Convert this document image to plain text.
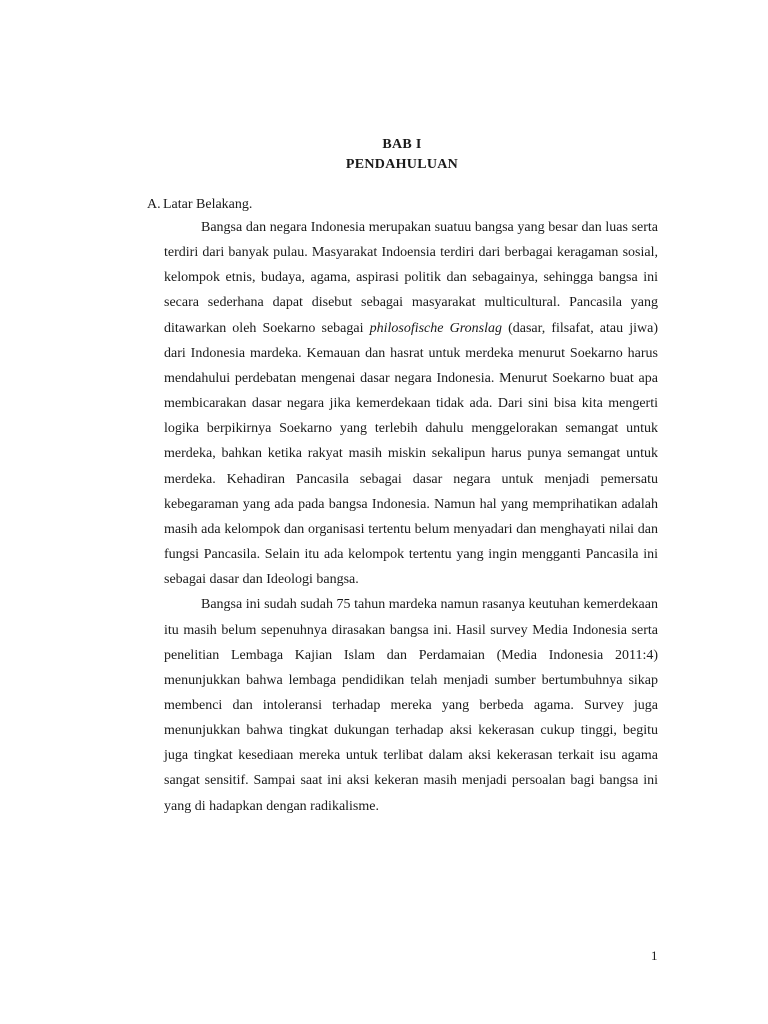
BAB I
PENDAHULUAN
A. Latar Belakang.

Bangsa dan negara Indonesia merupakan suatuu bangsa yang besar dan luas serta terdiri dari banyak pulau. Masyarakat Indoensia terdiri dari berbagai keragaman sosial, kelompok etnis, budaya, agama, aspirasi politik dan sebagainya, sehingga bangsa ini secara sederhana dapat disebut sebagai masyarakat multicultural. Pancasila yang ditawarkan oleh Soekarno sebagai philosofische Gronslag (dasar, filsafat, atau jiwa) dari Indonesia mardeka. Kemauan dan hasrat untuk merdeka menurut Soekarno harus mendahului perdebatan mengenai dasar negara Indonesia. Menurut Soekarno buat apa membicarakan dasar negara jika kemerdekaan tidak ada. Dari sini bisa kita mengerti logika berpikirnya Soekarno yang terlebih dahulu menggelorakan semangat untuk merdeka, bahkan ketika rakyat masih miskin sekalipun harus punya semangat untuk merdeka. Kehadiran Pancasila sebagai dasar negara untuk menjadi pemersatu kebegaraman yang ada pada bangsa Indonesia. Namun hal yang memprihatikan adalah masih ada kelompok dan organisasi tertentu belum menyadari dan menghayati nilai dan fungsi Pancasila. Selain itu ada kelompok tertentu yang ingin mengganti Pancasila ini sebagai dasar dan Ideologi bangsa.

Bangsa ini sudah sudah 75 tahun mardeka namun rasanya keutuhan kemerdekaan itu masih belum sepenuhnya dirasakan bangsa ini. Hasil survey Media Indonesia serta penelitian Lembaga Kajian Islam dan Perdamaian (Media Indonesia 2011:4) menunjukkan bahwa lembaga pendidikan telah menjadi sumber bertumbuhnya sikap membenci dan intoleransi terhadap mereka yang berbeda agama. Survey juga menunjukkan bahwa tingkat dukungan terhadap aksi kekerasan cukup tinggi, begitu juga tingkat kesediaan mereka untuk terlibat dalam aksi kekerasan terkait isu agama sangat sensitif. Sampai saat ini aksi kekeran masih menjadi persoalan bagi bangsa ini yang di hadapkan dengan radikalisme.

1
